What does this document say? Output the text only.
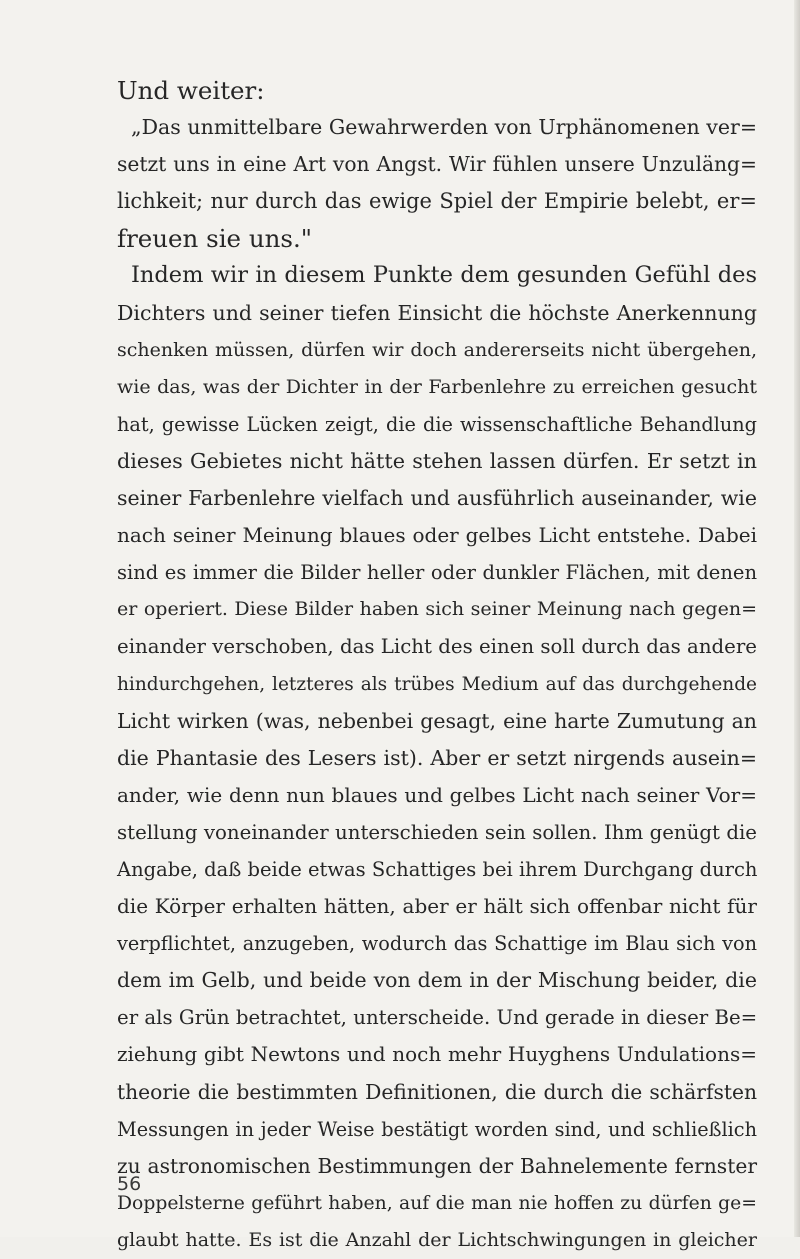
Und weiter:
„Das unmittelbare Gewahrwerden von Urphänomenen ver=
setzt uns in eine Art von Angst. Wir fühlen unsere Unzuläng=
lichkeit; nur durch das ewige Spiel der Empirie belebt, er=
freuen sie uns."
Indem wir in diesem Punkte dem gesunden Gefühl des
Dichters und seiner tiefen Einsicht die höchste Anerkennung
schenken müssen, dürfen wir doch andererseits nicht übergehen,
wie das, was der Dichter in der Farbenlehre zu erreichen gesucht
hat, gewisse Lücken zeigt, die die wissenschaftliche Behandlung
dieses Gebietes nicht hätte stehen lassen dürfen. Er setzt in
seiner Farbenlehre vielfach und ausführlich auseinander, wie
nach seiner Meinung blaues oder gelbes Licht entstehe. Dabei
sind es immer die Bilder heller oder dunkler Flächen, mit denen
er operiert. Diese Bilder haben sich seiner Meinung nach gegen=
einander verschoben, das Licht des einen soll durch das andere
hindurchgehen, letzteres als trübes Medium auf das durchgehende
Licht wirken (was, nebenbei gesagt, eine harte Zumutung an
die Phantasie des Lesers ist). Aber er setzt nirgends ausein=
ander, wie denn nun blaues und gelbes Licht nach seiner Vor=
stellung voneinander unterschieden sein sollen. Ihm genügt die
Angabe, daß beide etwas Schattiges bei ihrem Durchgang durch
die Körper erhalten hätten, aber er hält sich offenbar nicht für
verpflichtet, anzugeben, wodurch das Schattige im Blau sich von
dem im Gelb, und beide von dem in der Mischung beider, die
er als Grün betrachtet, unterscheide. Und gerade in dieser Be=
ziehung gibt Newtons und noch mehr Huyghens Undulations=
theorie die bestimmten Definitionen, die durch die schärfsten
Messungen in jeder Weise bestätigt worden sind, und schließlich
zu astronomischen Bestimmungen der Bahnelemente fernster
Doppelsterne geführt haben, auf die man nie hoffen zu dürfen ge=
glaubt hatte. Es ist die Anzahl der Lichtschwingungen in gleicher
56
